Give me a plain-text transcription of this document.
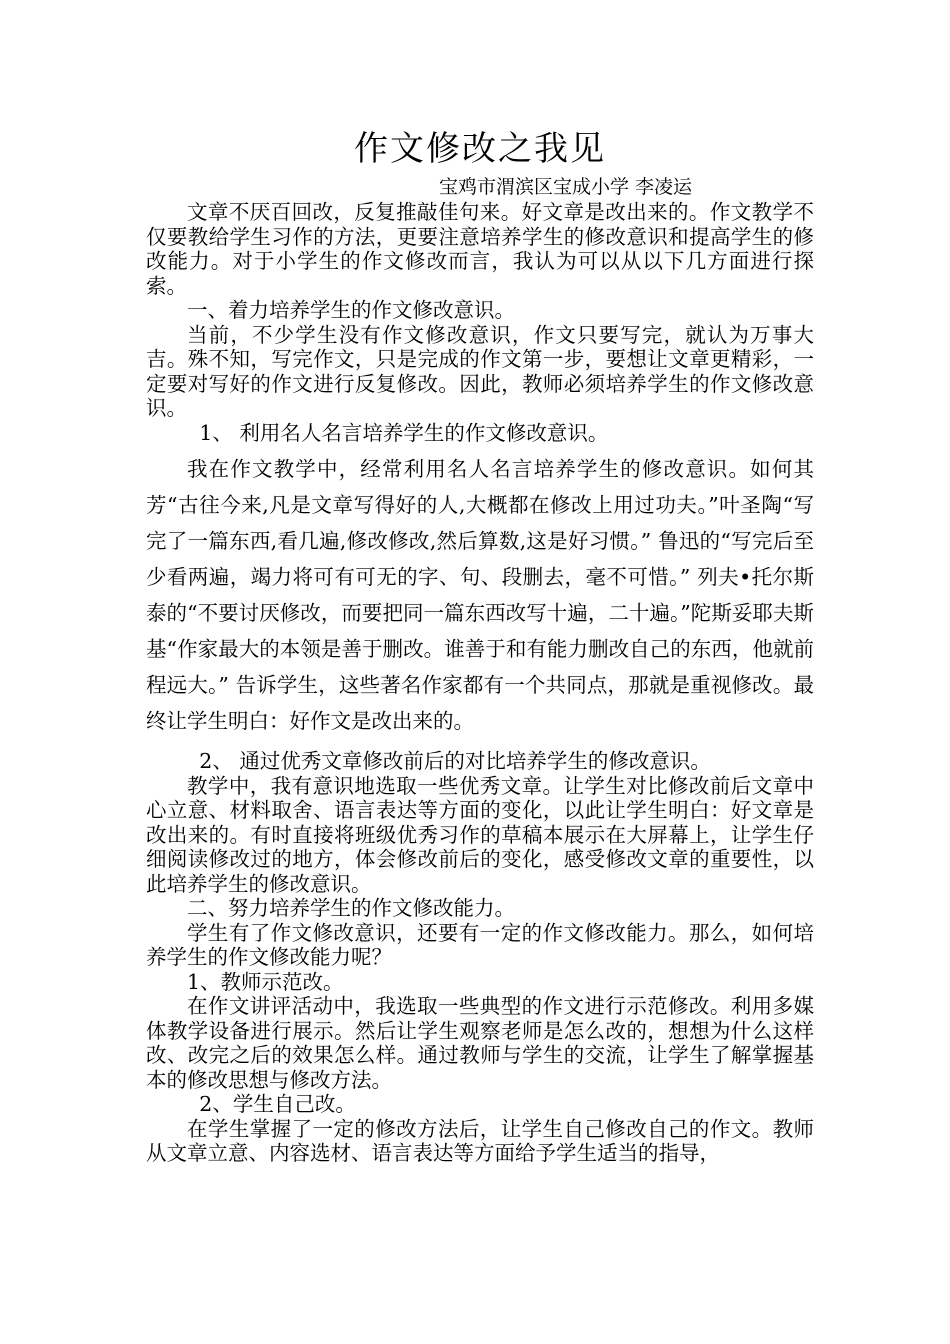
作文修改之我见
宝鸡市渭滨区宝成小学 李凌运

文章不厌百回改，反复推敲佳句来。好文章是改出来的。作文教学不仅要教给学生习作的方法，更要注意培养学生的修改意识和提高学生的修改能力。对于小学生的作文修改而言，我认为可以从以下几方面进行探索。

一、着力培养学生的作文修改意识。

当前，不少学生没有作文修改意识，作文只要写完，就认为万事大吉。殊不知，写完作文，只是完成的作文第一步，要想让文章更精彩，一定要对写好的作文进行反复修改。因此，教师必须培养学生的作文修改意识。

1、 利用名人名言培养学生的作文修改意识。

我在作文教学中，经常利用名人名言培养学生的修改意识。如何其芳“古往今来,凡是文章写得好的人,大概都在修改上用过功夫。”叶圣陶“写完了一篇东西,看几遍,修改修改,然后算数,这是好习惯。” 鲁迅的“写完后至少看两遍，竭力将可有可无的字、句、段删去，毫不可惜。” 列夫•托尔斯泰的“不要讨厌修改，而要把同一篇东西改写十遍，二十遍。”陀斯妥耶夫斯基“作家最大的本领是善于删改。谁善于和有能力删改自己的东西，他就前程远大。” 告诉学生，这些著名作家都有一个共同点，那就是重视修改。最终让学生明白：好作文是改出来的。

2、 通过优秀文章修改前后的对比培养学生的修改意识。

教学中，我有意识地选取一些优秀文章。让学生对比修改前后文章中心立意、材料取舍、语言表达等方面的变化，以此让学生明白：好文章是改出来的。有时直接将班级优秀习作的草稿本展示在大屏幕上，让学生仔细阅读修改过的地方，体会修改前后的变化，感受修改文章的重要性，以此培养学生的修改意识。

二、努力培养学生的作文修改能力。

学生有了作文修改意识，还要有一定的作文修改能力。那么，如何培养学生的作文修改能力呢？

1、教师示范改。

在作文讲评活动中，我选取一些典型的作文进行示范修改。利用多媒体教学设备进行展示。然后让学生观察老师是怎么改的，想想为什么这样改、改完之后的效果怎么样。通过教师与学生的交流，让学生了解掌握基本的修改思想与修改方法。

2、学生自己改。

在学生掌握了一定的修改方法后，让学生自己修改自己的作文。教师从文章立意、内容选材、语言表达等方面给予学生适当的指导，
